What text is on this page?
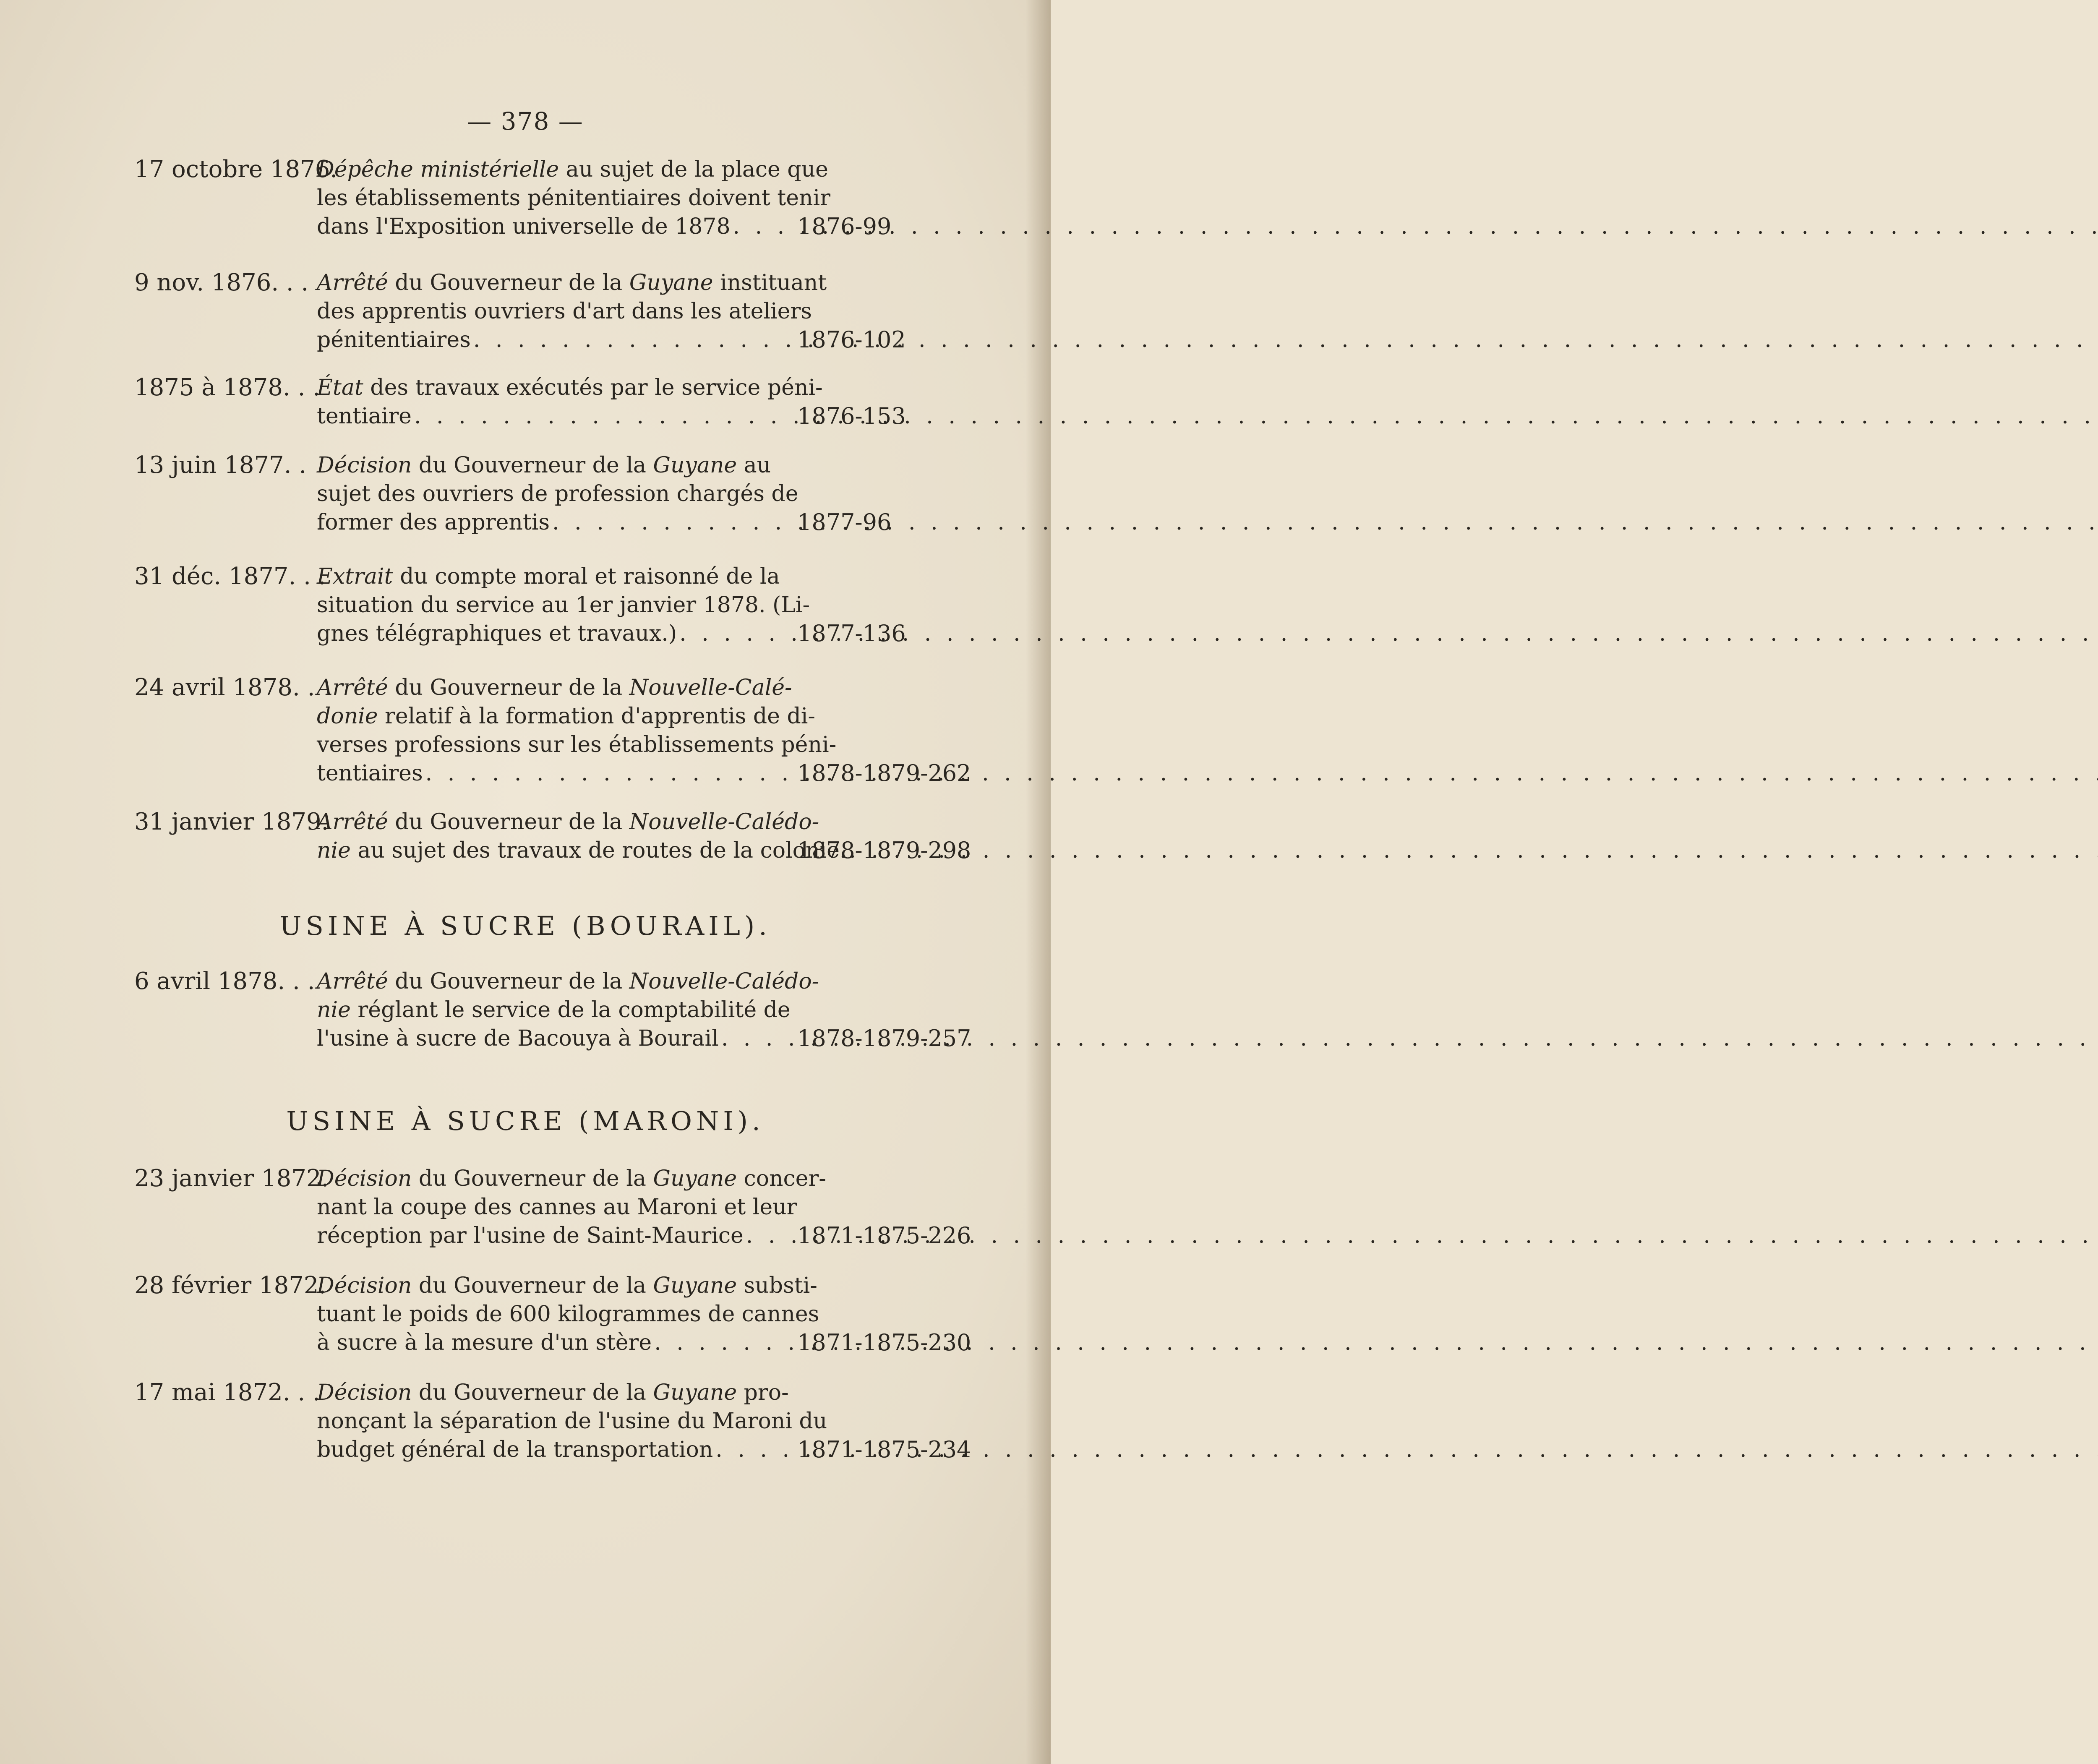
— 378 —
17 octobre 1876.
Dépêche ministérielle au sujet de la place que
les établissements pénitentiaires doivent tenir
dans l'Exposition universelle de 1878 . . .	1876-99
9 nov. 1876. . . Arrêté du Gouverneur de la Guyane instituant
des apprentis ouvriers d'art dans les ateliers
pénitentiaires . . .	1876-102
1875 à 1878. . .
État des travaux exécutés par le service péni-
tentiaire . . .	1876-153
13 juin 1877. . Décision du Gouverneur de la Guyane au
sujet des ouvriers de profession chargés de
former des apprentis . . .	1877-96
31 déc. 1877. . .
Extrait du compte moral et raisonné de la
situation du service au 1er janvier 1878. (Li-
gnes télégraphiques et travaux.) . . .	1877-136
24 avril 1878. . Arrêté du Gouverneur de la Nouvelle-Calé-
donie relatif à la formation d'apprentis de di-
verses professions sur les établissements péni-
tentiaires . . .	1878-1879-262
31 janvier 1879.
Arrêté du Gouverneur de la Nouvelle-Calédo-
nie au sujet des travaux de routes de la colonie.
. . .
1878-1879-298
USINE À SUCRE (BOURAIL).
6 avril 1878. . . Arrêté du Gouverneur de la Nouvelle-Calédo-
nie réglant le service de la comptabilité de
l'usine à sucre de Bacouya à Bourail . . .	1878-1879-257
USINE À SUCRE (MARONI).
23 janvier 1872.
Décision du Gouverneur de la Guyane concer-
nant la coupe des cannes au Maroni et leur
réception par l'usine de Saint-Maurice . . . 1871-1875-226
28 février 1872.
Décision du Gouverneur de la Guyane substi-
tuant le poids de 600 kilogrammes de cannes
à sucre à la mesure d'un stère . . .	1871-1875-230
17 mai 1872. . .
Décision du Gouverneur de la Guyane pro-
nonçant la séparation de l'usine du Maroni du
budget général de la transportation . . .	1871-1875-234
